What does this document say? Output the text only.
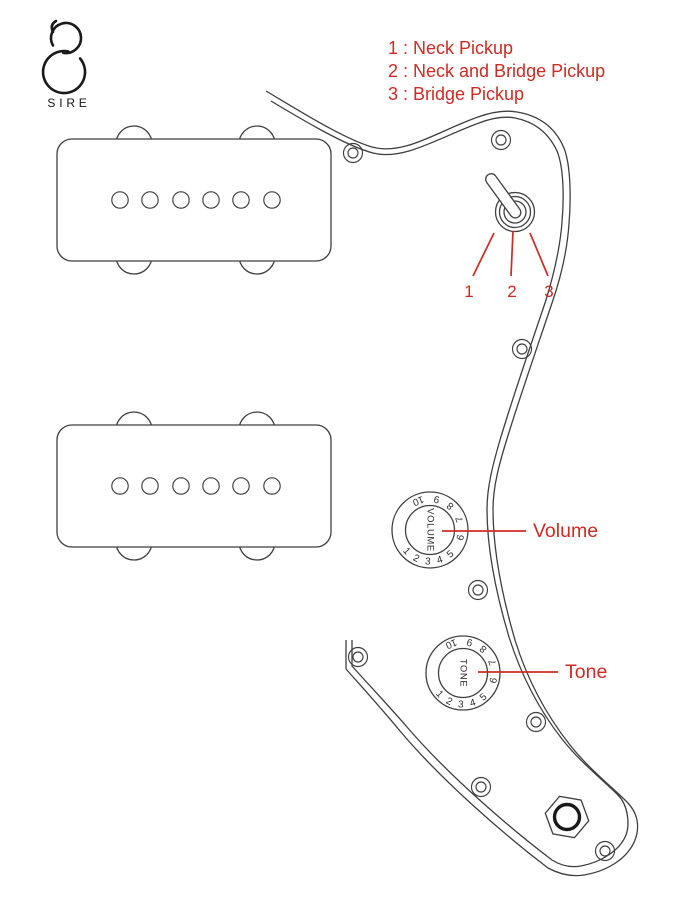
SIRE
1 2 3
1
2 3 4 5
6
7
8
9
10
VOLUME
1
2 3 4 5
6
7
8
9
10
TONE
Volume
Tone
1 : Neck Pickup
2 : Neck and Bridge Pickup
3 : Bridge Pickup
